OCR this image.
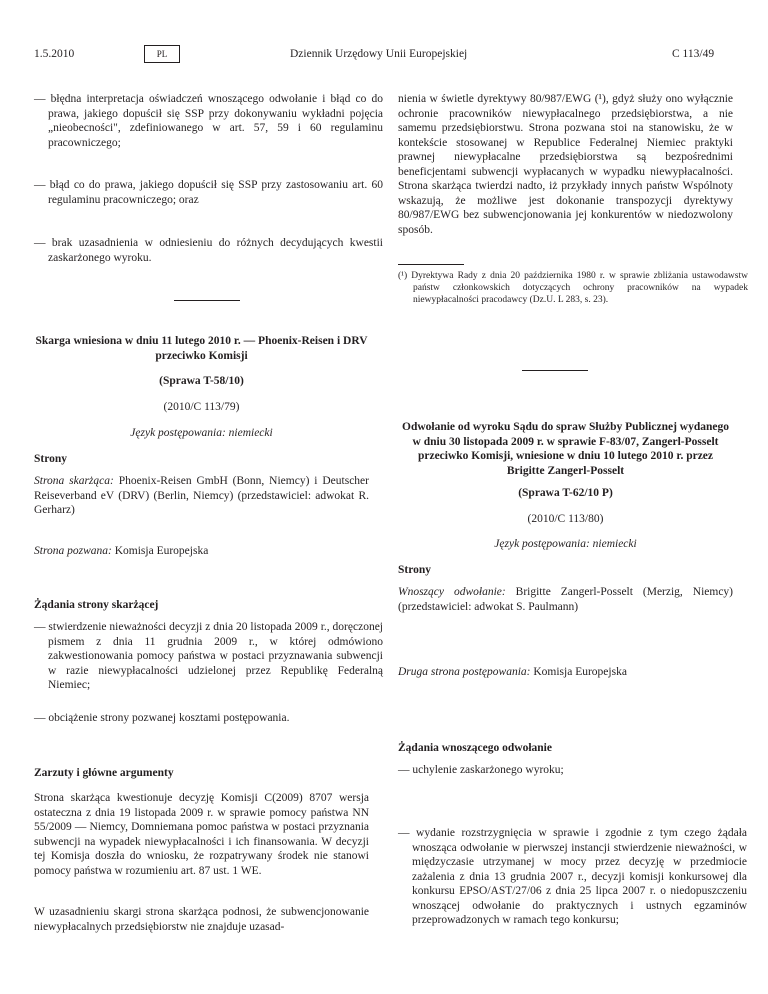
1.5.2010	PL	Dziennik Urzędowy Unii Europejskiej	C 113/49

— błędna interpretacja oświadczeń wnoszącego odwołanie i błąd co do prawa, jakiego dopuścił się SSP przy dokonywaniu wykładni pojęcia „nieobecności", zdefiniowanego w art. 57, 59 i 60 regulaminu pracowniczego;

— błąd co do prawa, jakiego dopuścił się SSP przy zastosowaniu art. 60 regulaminu pracowniczego; oraz

— brak uzasadnienia w odniesieniu do różnych decydujących kwestii zaskarżonego wyroku.

Skarga wniesiona w dniu 11 lutego 2010 r. — Phoenix-Reisen i DRV przeciwko Komisji

(Sprawa T-58/10)

(2010/C 113/79)

Język postępowania: niemiecki

Strony

Strona skarżąca: Phoenix-Reisen GmbH (Bonn, Niemcy) i Deutscher Reiseverband eV (DRV) (Berlin, Niemcy) (przedstawiciel: adwokat R. Gerharz)

Strona pozwana: Komisja Europejska

Żądania strony skarżącej

— stwierdzenie nieważności decyzji z dnia 20 listopada 2009 r., doręczonej pismem z dnia 11 grudnia 2009 r., w której odmówiono zakwestionowania pomocy państwa w postaci przyznawania subwencji w razie niewypłacalności udzielonej przez Republikę Federalną Niemiec;

— obciążenie strony pozwanej kosztami postępowania.

Zarzuty i główne argumenty

Strona skarżąca kwestionuje decyzję Komisji C(2009) 8707 wersja ostateczna z dnia 19 listopada 2009 r. w sprawie pomocy państwa NN 55/2009 — Niemcy, Domniemana pomoc państwa w postaci przyznania subwencji na wypadek niewypłacalności i ich finansowania. W decyzji tej Komisja doszła do wniosku, że rozpatrywany środek nie stanowi pomocy państwa w rozumieniu art. 87 ust. 1 WE.

W uzasadnieniu skargi strona skarżąca podnosi, że subwencjonowanie niewypłacalnych przedsiębiorstw nie znajduje uzasad-

nienia w świetle dyrektywy 80/987/EWG (¹), gdyż służy ono wyłącznie ochronie pracowników niewypłacalnego przedsiębiorstwa, a nie samemu przedsiębiorstwu. Strona pozwana stoi na stanowisku, że w kontekście stosowanej w Republice Federalnej Niemiec praktyki prawnej niewypłacalne przedsiębiorstwa są bezpośrednimi beneficjentami subwencji wypłacanych w wypadku niewypłacalności. Strona skarżąca twierdzi nadto, iż przykłady innych państw Wspólnoty wskazują, że możliwe jest dokonanie transpozycji dyrektywy 80/987/EWG bez subwencjonowania jej konkurentów w niedozwolony sposób.

(¹) Dyrektywa Rady z dnia 20 października 1980 r. w sprawie zbliżania ustawodawstw państw członkowskich dotyczących ochrony pracowników na wypadek niewypłacalności pracodawcy (Dz.U. L 283, s. 23).

Odwołanie od wyroku Sądu do spraw Służby Publicznej wydanego w dniu 30 listopada 2009 r. w sprawie F-83/07, Zangerl-Posselt przeciwko Komisji, wniesione w dniu 10 lutego 2010 r. przez Brigitte Zangerl-Posselt

(Sprawa T-62/10 P)

(2010/C 113/80)

Język postępowania: niemiecki

Strony

Wnoszący odwołanie: Brigitte Zangerl-Posselt (Merzig, Niemcy) (przedstawiciel: adwokat S. Paulmann)

Druga strona postępowania: Komisja Europejska

Żądania wnoszącego odwołanie

— uchylenie zaskarżonego wyroku;

— wydanie rozstrzygnięcia w sprawie i zgodnie z tym czego żądała wnosząca odwołanie w pierwszej instancji stwierdzenie nieważności, w międzyczasie utrzymanej w mocy przez decyzję w przedmiocie zażalenia z dnia 13 grudnia 2007 r., decyzji komisji konkursowej dla konkursu EPSO/AST/27/06 z dnia 25 lipca 2007 r. o niedopuszczeniu wnoszącej odwołanie do praktycznych i ustnych egzaminów przeprowadzonych w ramach tego konkursu;
